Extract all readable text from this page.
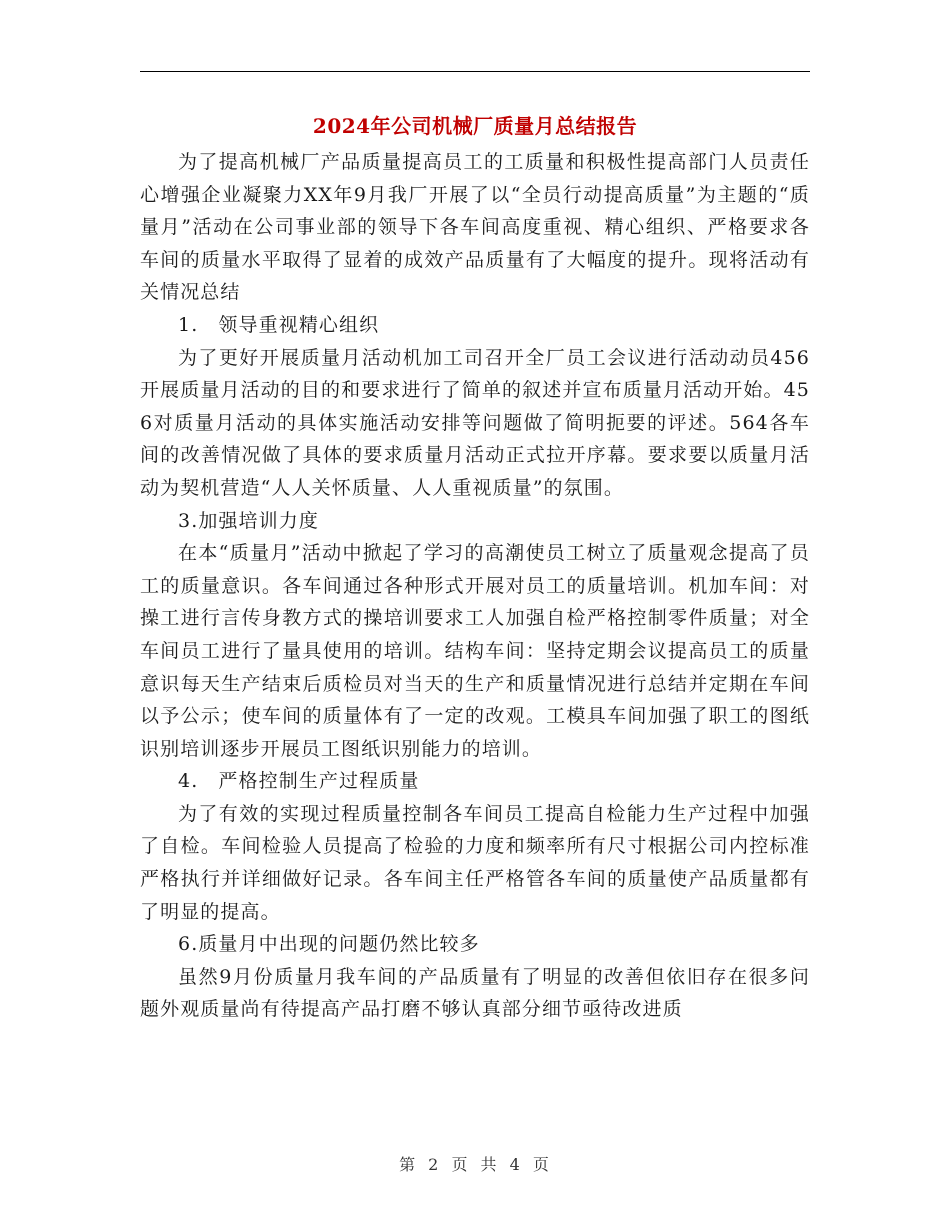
2024年公司机械厂质量月总结报告

为了提高机械厂产品质量提高员工的工质量和积极性提高部门人员责任心增强企业凝聚力XX年9月我厂开展了以“全员行动提高质量”为主题的“质量月”活动在公司事业部的领导下各车间高度重视、精心组织、严格要求各车间的质量水平取得了显着的成效产品质量有了大幅度的提升。现将活动有关情况总结

1.　领导重视精心组织

为了更好开展质量月活动机加工司召开全厂员工会议进行活动动员456开展质量月活动的目的和要求进行了简单的叙述并宣布质量月活动开始。456对质量月活动的具体实施活动安排等问题做了简明扼要的评述。564各车间的改善情况做了具体的要求质量月活动正式拉开序幕。要求要以质量月活动为契机营造“人人关怀质量、人人重视质量”的氛围。

3.加强培训力度

在本“质量月”活动中掀起了学习的高潮使员工树立了质量观念提高了员工的质量意识。各车间通过各种形式开展对员工的质量培训。机加车间：对操工进行言传身教方式的操培训要求工人加强自检严格控制零件质量；对全车间员工进行了量具使用的培训。结构车间：坚持定期会议提高员工的质量意识每天生产结束后质检员对当天的生产和质量情况进行总结并定期在车间以予公示；使车间的质量体有了一定的改观。工模具车间加强了职工的图纸识别培训逐步开展员工图纸识别能力的培训。

4.　严格控制生产过程质量

为了有效的实现过程质量控制各车间员工提高自检能力生产过程中加强了自检。车间检验人员提高了检验的力度和频率所有尺寸根据公司内控标准严格执行并详细做好记录。各车间主任严格管各车间的质量使产品质量都有了明显的提高。

6.质量月中出现的问题仍然比较多

虽然9月份质量月我车间的产品质量有了明显的改善但依旧存在很多问题外观质量尚有待提高产品打磨不够认真部分细节亟待改进质

第 2 页 共 4 页
